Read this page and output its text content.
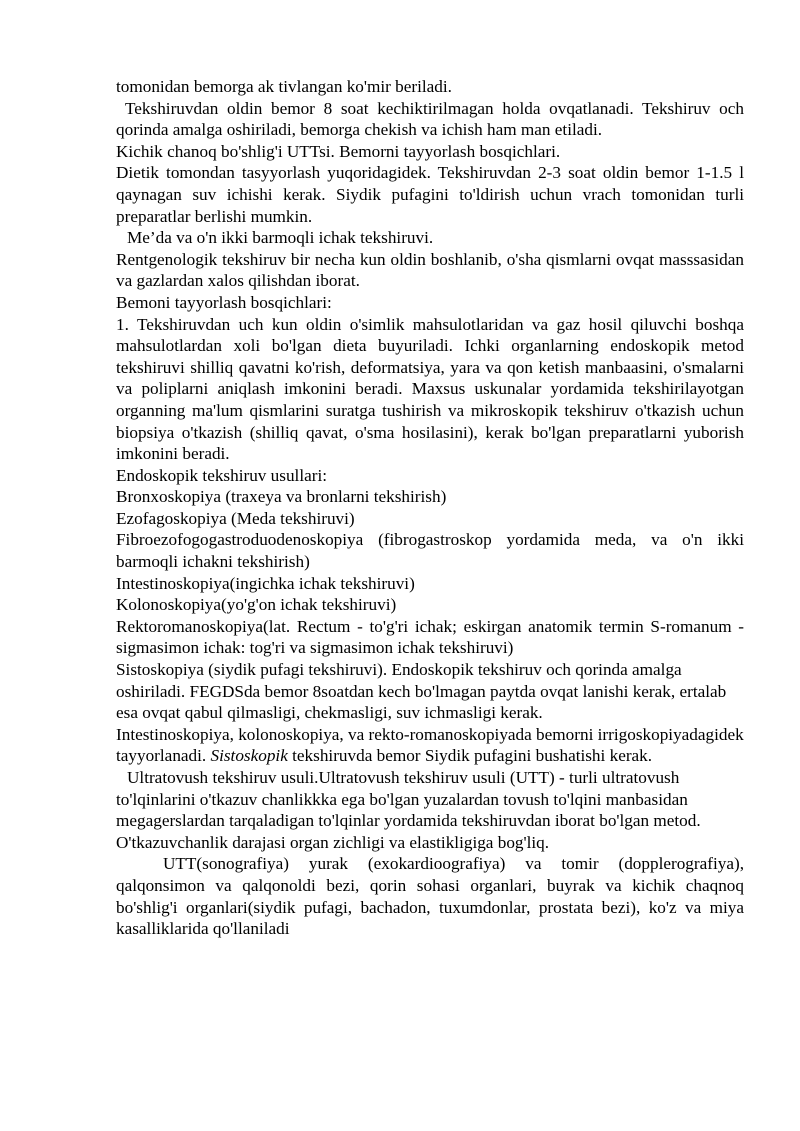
tomonidan bemorga ak tivlangan ko'mir beriladi.

Tekshiruvdan oldin bemor 8 soat kechiktirilmagan holda ovqatlanadi. Tekshiruv och qorinda amalga oshiriladi, bemorga chekish va ichish ham man etiladi.

Kichik chanoq bo'shlig'i UTTsi. Bemorni tayyorlash bosqichlari.

Dietik tomondan tasyyorlash yuqoridagidek. Tekshiruvdan 2-3 soat oldin bemor 1-1.5 l qaynagan suv ichishi kerak. Siydik pufagini to'ldirish uchun vrach tomonidan turli preparatlar berlishi mumkin.

Me’da va o'n ikki barmoqli ichak tekshiruvi.

Rentgenologik tekshiruv bir necha kun oldin boshlanib, o'sha qismlarni ovqat masssasidan va gazlardan xalos qilishdan iborat.

Bemoni tayyorlash bosqichlari:

1. Tekshiruvdan uch kun oldin o'simlik mahsulotlaridan va gaz hosil qiluvchi boshqa mahsulotlardan xoli bo'lgan dieta buyuriladi. Ichki organlarning endoskopik metod tekshiruvi shilliq qavatni ko'rish, deformatsiya, yara va qon ketish manbaasini, o'smalarni va poliplarni aniqlash imkonini beradi. Maxsus uskunalar yordamida tekshirilayotgan organning ma'lum qismlarini suratga tushirish va mikroskopik tekshiruv o'tkazish uchun biopsiya o'tkazish (shilliq qavat, o'sma hosilasini), kerak bo'lgan preparatlarni yuborish imkonini beradi.

Endoskopik tekshiruv usullari:

Bronxoskopiya (traxeya va bronlarni tekshirish)

Ezofagoskopiya (Meda tekshiruvi)

Fibroezofogogastroduodenoskopiya (fibrogastroskop yordamida meda, va o'n ikki barmoqli ichakni tekshirish)

Intestinoskopiya(ingichka ichak tekshiruvi)

Kolonoskopiya(yo'g'on ichak tekshiruvi)

Rektoromanoskopiya(lat. Rectum - to'g'ri ichak; eskirgan anatomik termin S-romanum - sigmasimon ichak: tog'ri va sigmasimon ichak tekshiruvi)

Sistoskopiya (siydik pufagi tekshiruvi). Endoskopik tekshiruv och qorinda amalga oshiriladi. FEGDSda bemor 8soatdan kech bo'lmagan paytda ovqat lanishi kerak, ertalab esa ovqat qabul qilmasligi, chekmasligi, suv ichmasligi kerak.

Intestinoskopiya, kolonoskopiya, va rekto-romanoskopiyada bemorni irrigoskopiyadagidek tayyorlanadi. Sistoskopik tekshiruvda bemor Siydik pufagini bushatishi kerak.

Ultratovush tekshiruv usuli.Ultratovush tekshiruv usuli (UTT) - turli ultratovush to'lqinlarini o'tkazuv chanlikkka ega bo'lgan yuzalardan tovush to'lqini manbasidan megagerslardan tarqaladigan to'lqinlar yordamida tekshiruvdan iborat bo'lgan metod. O'tkazuvchanlik darajasi organ zichligi va elastikligiga bog'liq.

UTT(sonografiya) yurak (exokardioografiya) va tomir (dopplerografiya), qalqonsimon va qalqonoldi bezi, qorin sohasi organlari, buyrak va kichik chaqnoq bo'shlig'i organlari(siydik pufagi, bachadon, tuxumdonlar, prostata bezi), ko'z va miya kasalliklarida qo'llaniladi
